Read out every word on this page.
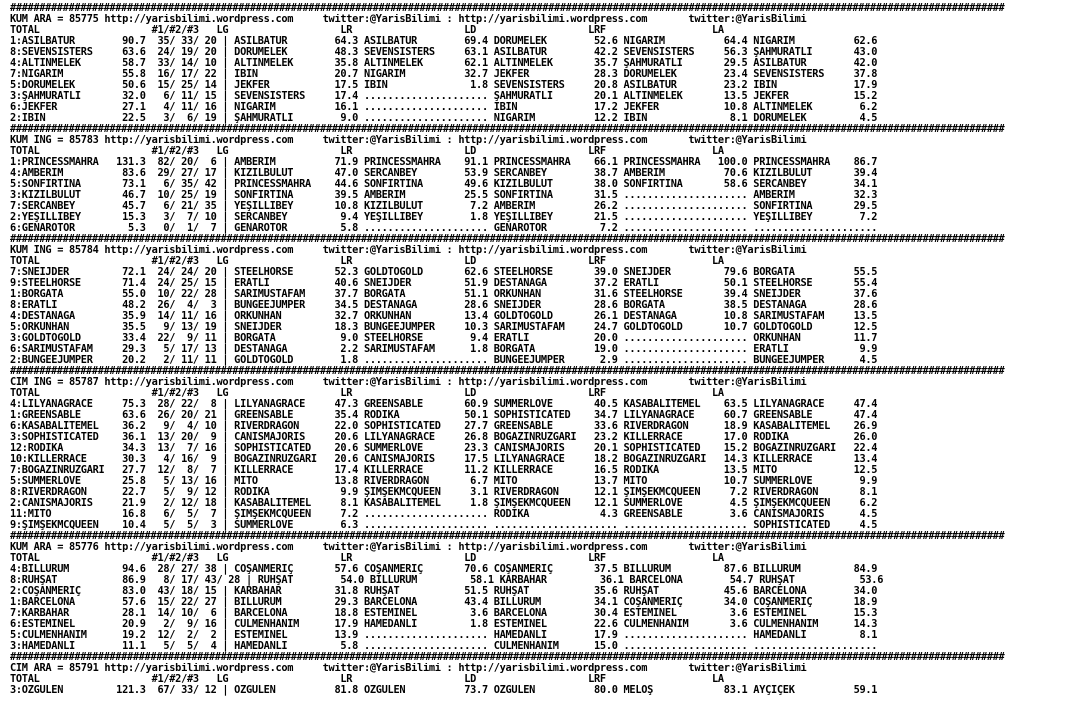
##########################################################################################################################################################################
KUM ARA = 85775 http://yarisbilimi.wordpress.com     twitter:@YarisBilimi : http://yarisbilimi.wordpress.com       twitter:@YarisBilimi
TOTAL                   #1/#2/#3   LG                   LR                   LD                   LRF                  LA
1:ASİLBATUR        90.7  35/ 33/ 20 | ASİLBATUR        64.3 ASİLBATUR        69.4 DORUMELEK        52.6 NİGARIM          64.4 NİGARIM          62.6
8:SEVENSISTERS     63.6  24/ 19/ 20 | DORUMELEK        48.3 SEVENSISTERS     63.1 ASİLBATUR        42.2 SEVENSISTERS     56.3 ŞAHMURATLI       43.0
4:ALTINMELEK       58.7  33/ 14/ 10 | ALTINMELEK       35.8 ALTINMELEK       62.1 ALTINMELEK       35.7 ŞAHMURATLI       29.5 ASİLBATUR        42.0
7:NİGARIM          55.8  16/ 17/ 22 | İBİN             20.7 NİGARIM          32.7 JEKFER           28.3 DORUMELEK        23.4 SEVENSISTERS     37.8
5:DORUMELEK        50.6  15/ 25/ 14 | JEKFER           17.5 İBİN              1.8 SEVENSISTERS     20.8 ASİLBATUR        23.2 İBİN             17.9
3:ŞAHMURATLI       32.0   6/ 11/ 15 | SEVENSISTERS     17.4 ..................... ŞAHMURATLI       20.1 ALTINMELEK       13.5 JEKFER           15.2
6:JEKFER           27.1   4/ 11/ 16 | NİGARIM          16.1 ..................... İBİN             17.2 JEKFER           10.8 ALTINMELEK        6.2
2:İBİN             22.5   3/  6/ 19 | ŞAHMURATLI        9.0 ..................... NİGARIM          12.2 İBİN              8.1 DORUMELEK         4.5
##########################################################################################################################################################################
KUM ING = 85783 http://yarisbilimi.wordpress.com     twitter:@YarisBilimi : http://yarisbilimi.wordpress.com       twitter:@YarisBilimi
TOTAL                   #1/#2/#3   LG                   LR                   LD                   LRF                  LA
1:PRINCESSMAHRA   131.3  82/ 20/  6 | AMBERİM          71.9 PRINCESSMAHRA    91.1 PRINCESSMAHRA    66.1 PRINCESSMAHRA   100.0 PRINCESSMAHRA    86.7
4:AMBERİM          83.6  29/ 27/ 17 | KIZILBULUT       47.0 SERCANBEY        53.9 SERCANBEY        38.7 AMBERİM          70.6 KIZILBULUT       39.4
5:SONFIRTINA       73.1   6/ 35/ 42 | PRINCESSMAHRA    44.6 SONFIRTINA       49.6 KIZILBULUT       38.0 SONFIRTINA       58.6 SERCANBEY        34.1
3:KIZILBULUT       46.7  10/ 25/ 19 | SONFIRTINA       39.5 AMBERİM          25.5 SONFIRTINA       31.5 ..................... AMBERİM          32.3
7:SERCANBEY        45.7   6/ 21/ 35 | YEŞİLLİBEY       10.8 KIZILBULUT        7.2 AMBERİM          26.2 ..................... SONFIRTINA       29.5
2:YEŞİLLİBEY       15.3   3/  7/ 10 | SERCANBEY         9.4 YEŞİLLİBEY        1.8 YEŞİLLİBEY       21.5 ..................... YEŞİLLİBEY        7.2
6:GENAROTOR         5.3   0/  1/  7 | GENAROTOR         5.8 ..................... GENAROTOR         7.2 ..................... .....................
##########################################################################################################################################################################
KUM ING = 85784 http://yarisbilimi.wordpress.com     twitter:@YarisBilimi : http://yarisbilimi.wordpress.com       twitter:@YarisBilimi
TOTAL                   #1/#2/#3   LG                   LR                   LD                   LRF                  LA
7:SNEIJDER         72.1  24/ 24/ 20 | STEELHORSE       52.3 GOLDTOGOLD       62.6 STEELHORSE       39.0 SNEIJDER         79.6 BORGATA          55.5
9:STEELHORSE       71.4  24/ 25/ 15 | ERATLI           40.6 SNEIJDER         51.9 DESTANAGA        37.2 ERATLI           50.1 STEELHORSE       55.4
1:BORGATA          55.0  10/ 22/ 28 | SARIMUSTAFAM     37.7 BORGATA          51.1 ORKUNHAN         31.6 STEELHORSE       39.4 SNEIJDER         37.6
8:ERATLI           48.2  26/  4/  3 | BUNGEEJUMPER     34.5 DESTANAGA        28.6 SNEIJDER         28.6 BORGATA          38.5 DESTANAGA        28.6
4:DESTANAGA        35.9  14/ 11/ 16 | ORKUNHAN         32.7 ORKUNHAN         13.4 GOLDTOGOLD       26.1 DESTANAGA        10.8 SARIMUSTAFAM     13.5
5:ORKUNHAN         35.5   9/ 13/ 19 | SNEIJDER         18.3 BUNGEEJUMPER     10.3 SARIMUSTAFAM     24.7 GOLDTOGOLD       10.7 GOLDTOGOLD       12.5
3:GOLDTOGOLD       33.4  22/  9/ 11 | BORGATA           9.0 STEELHORSE        9.4 ERATLI           20.0 ..................... ORKUNHAN         11.7
6:SARIMUSTAFAM     29.3   5/ 17/ 13 | DESTANAGA         2.2 SARIMUSTAFAM      1.8 BORGATA          19.0 ..................... ERATLI            9.9
2:BUNGEEJUMPER     20.2   2/ 11/ 11 | GOLDTOGOLD        1.8 ..................... BUNGEEJUMPER      2.9 ..................... BUNGEEJUMPER      4.5
##########################################################################################################################################################################
CIM ING = 85787 http://yarisbilimi.wordpress.com     twitter:@YarisBilimi : http://yarisbilimi.wordpress.com       twitter:@YarisBilimi
TOTAL                   #1/#2/#3   LG                   LR                   LD                   LRF                  LA
4:LILYANAGRACE     75.3  28/ 22/  8 | LILYANAGRACE     47.3 GREENSABLE       60.9 SUMMERLOVE       40.5 KASABALITEMEL    63.5 LILYANAGRACE     47.4
1:GREENSABLE       63.6  26/ 20/ 21 | GREENSABLE       35.4 RODİKA           50.1 SOPHISTICATED    34.7 LILYANAGRACE     60.7 GREENSABLE       47.4
6:KASABALITEMEL    36.2   9/  4/ 10 | RIVERDRAGON      22.0 SOPHISTICATED    27.7 GREENSABLE       33.6 RIVERDRAGON      18.9 KASABALITEMEL    26.9
3:SOPHISTICATED    36.1  13/ 20/  9 | CANISMAJORIS     20.6 LILYANAGRACE     26.8 BOĞAZINRÜZGARI   23.2 KILLERRACE       17.0 RODİKA           26.0
12:RODİKA          34.3  13/  7/ 16 | SOPHISTICATED    20.6 SUMMERLOVE       23.3 CANISMAJORIS     20.1 SOPHISTICATED    15.2 BOĞAZINRÜZGARI   22.4
10:KILLERRACE      30.3   4/ 16/  9 | BOĞAZINRÜZGARI   20.6 CANISMAJORIS     17.5 LILYANAGRACE     18.2 BOĞAZINRÜZGARI   14.3 KILLERRACE       13.4
7:BOĞAZINRÜZGARI   27.7  12/  8/  7 | KILLERRACE       17.4 KILLERRACE       11.2 KILLERRACE       16.5 RODİKA           13.5 MİTO             12.5
5:SUMMERLOVE       25.8   5/ 13/ 16 | MİTO             13.8 RIVERDRAGON       6.7 MİTO             13.7 MİTO             10.7 SUMMERLOVE        9.9
8:RIVERDRAGON      22.7   5/  9/ 12 | RODİKA            9.9 ŞİMŞEKMCQUEEN     3.1 RIVERDRAGON      12.1 ŞİMŞEKMCQUEEN     7.2 RIVERDRAGON       8.1
2:CANISMAJORIS     21.9   2/ 12/ 18 | KASABALITEMEL     8.1 KASABALITEMEL     1.8 ŞİMŞEKMCQUEEN    12.1 SUMMERLOVE        4.5 ŞİMŞEKMCQUEEN     6.2
11:MİTO            16.8   6/  5/  7 | ŞİMŞEKMCQUEEN     7.2 ..................... RODİKA            4.3 GREENSABLE        3.6 CANISMAJORIS      4.5
9:ŞİMŞEKMCQUEEN    10.4   5/  5/  3 | SUMMERLOVE        6.3 ..................... ..................... ..................... SOPHISTICATED     4.5
##########################################################################################################################################################################
KUM ARA = 85776 http://yarisbilimi.wordpress.com     twitter:@YarisBilimi : http://yarisbilimi.wordpress.com       twitter:@YarisBilimi
TOTAL                   #1/#2/#3   LG                   LR                   LD                   LRF                  LA
4:BİLLURUM         94.6  28/ 27/ 38 | COŞANMERİÇ       57.6 COŞANMERİÇ       70.6 COŞANMERİÇ       37.5 BİLLURUM         87.6 BİLLURUM         84.9
8:RUHŞAT           86.9   8/ 17/ 43/ 28 | RUHŞAT        54.0 BİLLURUM         58.1 KARBAHAR         36.1 BARCELONA        54.7 RUHŞAT           53.6
2:COŞANMERİÇ       83.0  43/ 18/ 15 | KARBAHAR         31.8 RUHŞAT           51.5 RUHŞAT           35.6 RUHŞAT           45.6 BARCELONA        34.0
1:BARCELONA        57.6  15/ 22/ 27 | BİLLURUM         29.3 BARCELONA        43.4 BİLLURUM         34.1 COŞANMERİÇ       34.0 COŞANMERİÇ       18.9
7:KARBAHAR         28.1  14/ 10/  6 | BARCELONA        18.8 ESTEMİNEL         3.6 BARCELONA        30.4 ESTEMİNEL         3.6 ESTEMİNEL        15.3
6:ESTEMİNEL        20.9   2/  9/ 16 | CÜLMENHANIM      17.9 HAMEDANLI         1.8 ESTEMİNEL        22.6 CÜLMENHANIM       3.6 CÜLMENHANIM      14.3
5:CÜLMENHANIM      19.2  12/  2/  2 | ESTEMİNEL        13.9 ..................... HAMEDANLI        17.9 ..................... HAMEDANLI         8.1
3:HAMEDANLI        11.1   5/  5/  4 | HAMEDANLI         5.8 ..................... CÜLMENHANIM      15.0 ..................... .....................
##########################################################################################################################################################################
CIM ARA = 85791 http://yarisbilimi.wordpress.com     twitter:@YarisBilimi : http://yarisbilimi.wordpress.com       twitter:@YarisBilimi
TOTAL                   #1/#2/#3   LG                   LR                   LD                   LRF                  LA
3:ÖZGÜLEN         121.3  67/ 33/ 12 | ÖZGÜLEN          81.8 ÖZGÜLEN          73.7 ÖZGÜLEN          80.0 MELOŞ            83.1 AYÇİÇEK          59.1
